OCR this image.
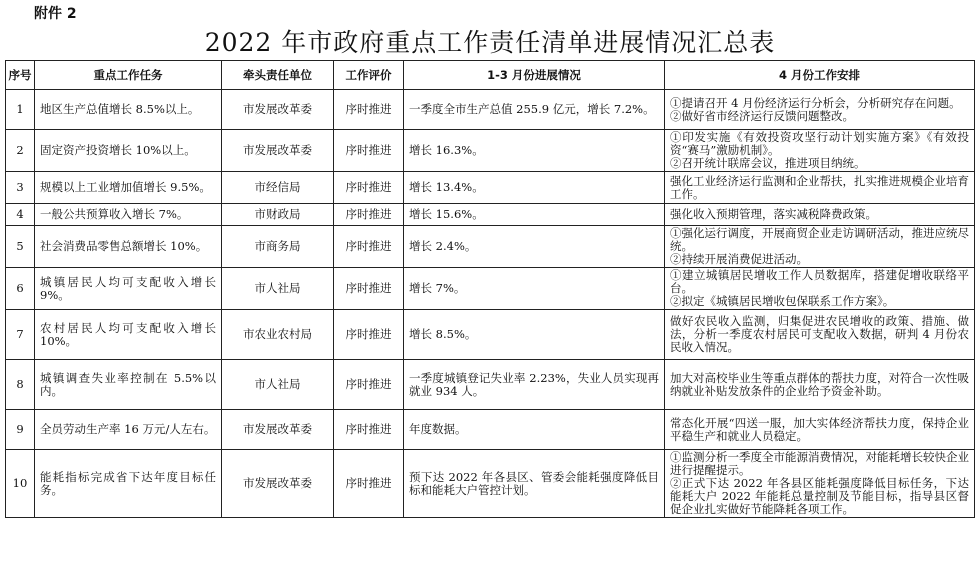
附件 2
2022 年市政府重点工作责任清单进展情况汇总表
序号	重点工作任务	牵头责任单位	工作评价	1-3 月份进展情况	4 月份工作安排
1	地区生产总值增长 8.5%以上。	市发展改革委	序时推进	一季度全市生产总值 255.9 亿元，增长 7.2%。	①提请召开 4 月份经济运行分析会，分析研究存在问题。
②做好省市经济运行反馈问题整改。

2	固定资产投资增长 10%以上。	市发展改革委	序时推进	增长 16.3%。	①印发实施《有效投资攻坚行动计划实施方案》《有效投资“赛马”激励机制》。
②召开统计联席会议，推进项目纳统。

3	规模以上工业增加值增长 9.5%。	市经信局	序时推进	增长 13.4%。	强化工业经济运行监测和企业帮扶，扎实推进规模企业培育工作。

4	一般公共预算收入增长 7%。	市财政局	序时推进	增长 15.6%。	强化收入预期管理，落实减税降费政策。

5	社会消费品零售总额增长 10%。	市商务局	序时推进	增长 2.4%。	①强化运行调度，开展商贸企业走访调研活动，推进应统尽统。
②持续开展消费促进活动。

6	城镇居民人均可支配收入增长 9%。	市人社局	序时推进	增长 7%。	①建立城镇居民增收工作人员数据库，搭建促增收联络平台。
②拟定《城镇居民增收包保联系工作方案》。

7	农村居民人均可支配收入增长 10%。	市农业农村局	序时推进	增长 8.5%。	做好农民收入监测，归集促进农民增收的政策、措施、做法，分析一季度农村居民可支配收入数据，研判 4 月份农民收入情况。

8	城镇调查失业率控制在 5.5%以内。	市人社局	序时推进	一季度城镇登记失业率 2.23%，失业人员实现再就业 934 人。	加大对高校毕业生等重点群体的帮扶力度，对符合一次性吸纳就业补贴发放条件的企业给予资金补助。

9	全员劳动生产率 16 万元/人左右。	市发展改革委	序时推进	年度数据。	常态化开展“四送一服，加大实体经济帮扶力度，保持企业平稳生产和就业人员稳定。

10	能耗指标完成省下达年度目标任务。	市发展改革委	序时推进	预下达 2022 年各县区、管委会能耗强度降低目标和能耗大户管控计划。	①监测分析一季度全市能源消费情况，对能耗增长较快企业进行提醒提示。
②正式下达 2022 年各县区能耗强度降低目标任务，下达能耗大户 2022 年能耗总量控制及节能目标，指导县区督促企业扎实做好节能降耗各项工作。
